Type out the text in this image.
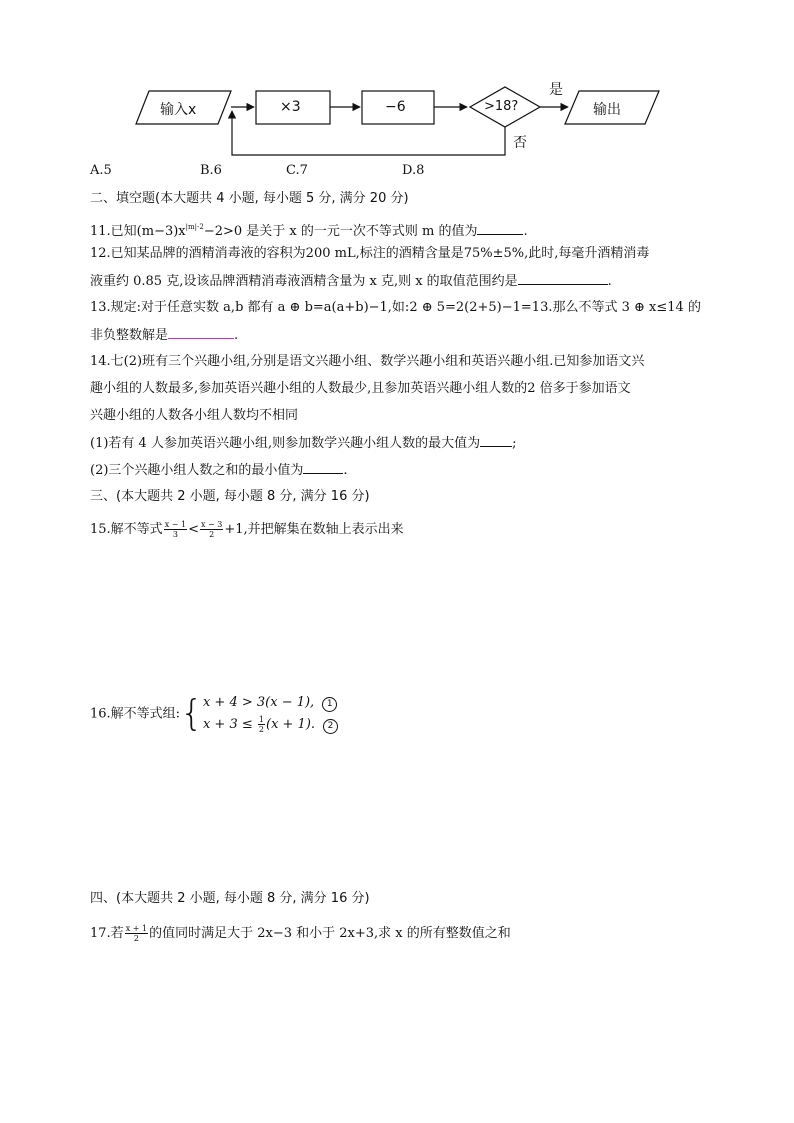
输入x	×3	−6	>18?	输出
是
否
A.5	B.6	C.7	D.8
二、填空题(本大题共 4 小题, 每小题 5 分, 满分 20 分)
11.已知$(m-3)x^{|m|-2}-2>0$ 是关于 x 的一元一次不等式则 m 的值为	.
12.已知某品牌的酒精消毒液的容积为200 mL,标注的酒精含量是75%±5%,此时,每毫升酒精消毒
液重约 0.85 克,设该品牌酒精消毒液酒精含量为 x 克,则 x 的取值范围约是	.
13.规定:对于任意实数 a,b 都有 a ⊕ b=a(a+b)−1,如:2 ⊕ 5=2(2+5)−1=13.那么不等式 3 ⊕ x≤14 的
非负整数解是	.
14.七(2)班有三个兴趣小组,分别是语文兴趣小组、数学兴趣小组和英语兴趣小组.已知参加语文兴
趣小组的人数最多,参加英语兴趣小组的人数最少,且参加英语兴趣小组人数的2 倍多于参加语文
兴趣小组的人数各小组人数均不相同
(1)若有 4 人参加英语兴趣小组,则参加数学兴趣小组人数的最大值为 ;
(2)三个兴趣小组人数之和的最小值为	.
三、(本大题共 2 小题, 每小题 8 分, 满分 16 分)
15.解不等式 $\frac{x - 1}{3} < \frac{x - 3}{2} +1$,并把解集在数轴上表示出来
16.解不等式组:{ x + 4 > 3(x − 1), 1
$x + 3 \le \frac{1}{2} (x + 1)$. 2
四、(本大题共 2 小题, 每小题 8 分, 满分 16 分)
17.若 $\frac{x + 1}{2}$ 的值同时满足大于 2x−3 和小于 2x+3,求 x 的所有整数值之和
